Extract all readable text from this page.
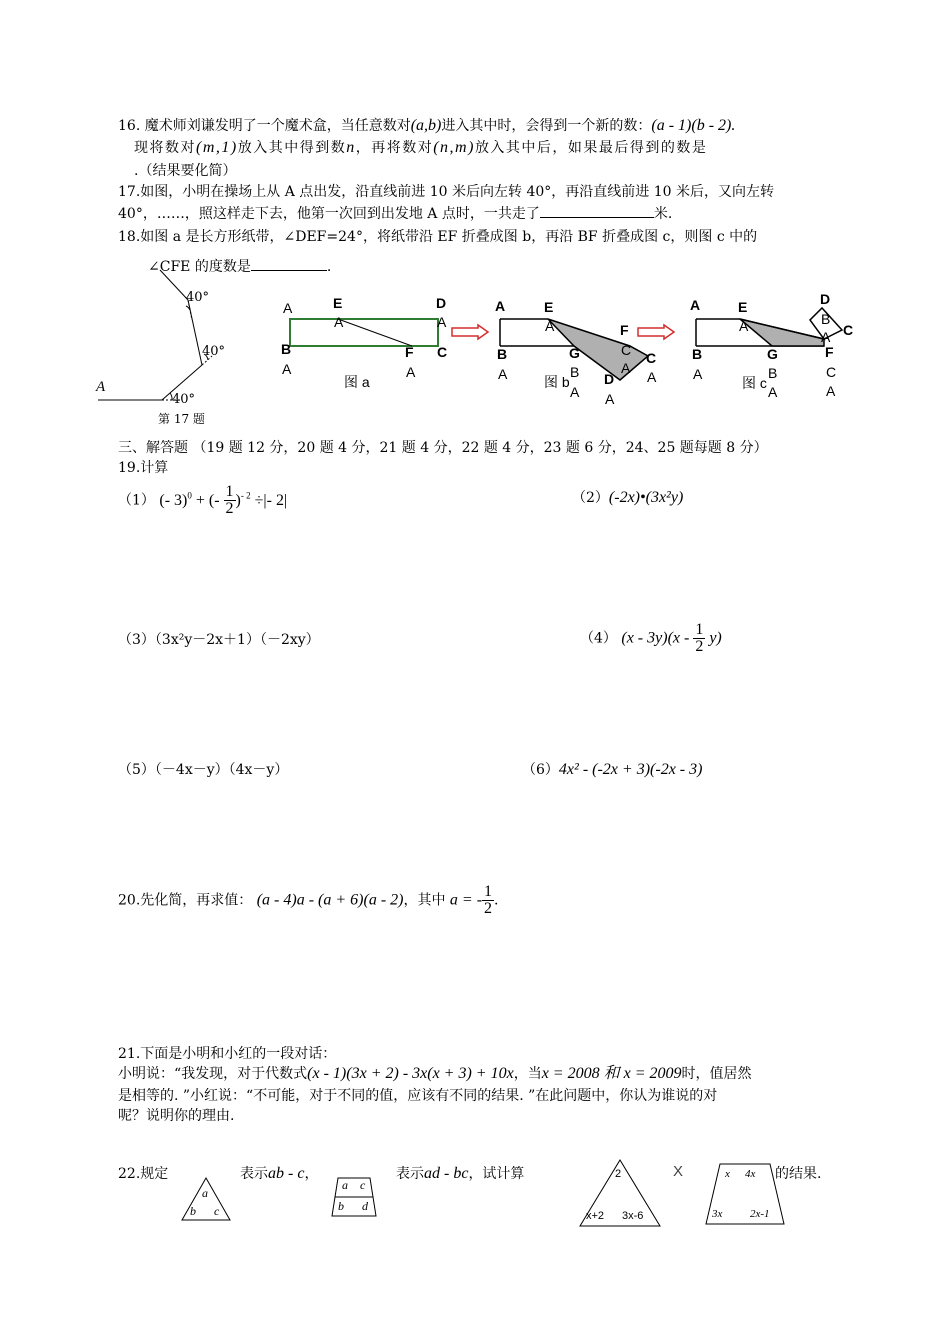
16. 魔术师刘谦发明了一个魔术盒，当任意数对(a,b)进入其中时，会得到一个新的数：(a - 1)(b - 2).
现将数对(m,1)放入其中得到数n，再将数对(n,m)放入其中后，如果最后得到的数是
.（结果要化简）
17.如图，小明在操场上从 A 点出发，沿直线前进 10 米后向左转 40°，再沿直线前进 10 米后，又向左转
40°，……，照这样走下去，他第一次回到出发地 A 点时，一共走了	米.
18.如图 a 是长方形纸带，∠DEF=24°，将纸带沿 EF 折叠成图 b，再沿 BF 折叠成图 c，则图 c 中的
∠CFE 的度数是	.
A
40°
40°
40°
第 17 题
A	E
A
D
A
B
A
F
A
C
图 a
A	E
A	F
B
A
G
B
A
C
A
C
A
D
A
图 b
A	E
A
D
B
A C
B
A
G
B
A
F
C
A
图 c
三、解答题 （19 题 12 分，20 题 4 分，21 题 4 分，22 题 4 分，23 题 6 分，24、25 题每题 8 分）
19.计算
（1） (- 3)$^0$ + (- $\frac{1}{2} )^{- 2}$ ÷|- 2|	（2）(-2x)•(3x²y)
（3）（3x²y－2x＋1）（－2xy）	（4） $(x - 3y)(x - \frac{1}{2} y)$
（5）（－4x－y）（4x－y）	（6）4x² - (-2x + 3)(-2x - 3)
20.先化简，再求值： (a - 4)a - (a + 6)(a - 2)，其中 a = - $\frac{1}{2}$ .
21.下面是小明和小红的一段对话：
小明说：“我发现，对于代数式(x - 1)(3x + 2) - 3x(x + 3) + 10x，当x = 2008 和 x = 2009时，值居然
是相等的. ”小红说：“不可能，对于不同的值，应该有不同的结果. ”在此问题中，你认为谁说的对
呢？说明你的理由.
22.规定
a
b c
表示ab - c，
a c
b d
表示ad - bc，试计算	2
x+2 3x-6
X	x 4x
3x	2x-1
的结果.
